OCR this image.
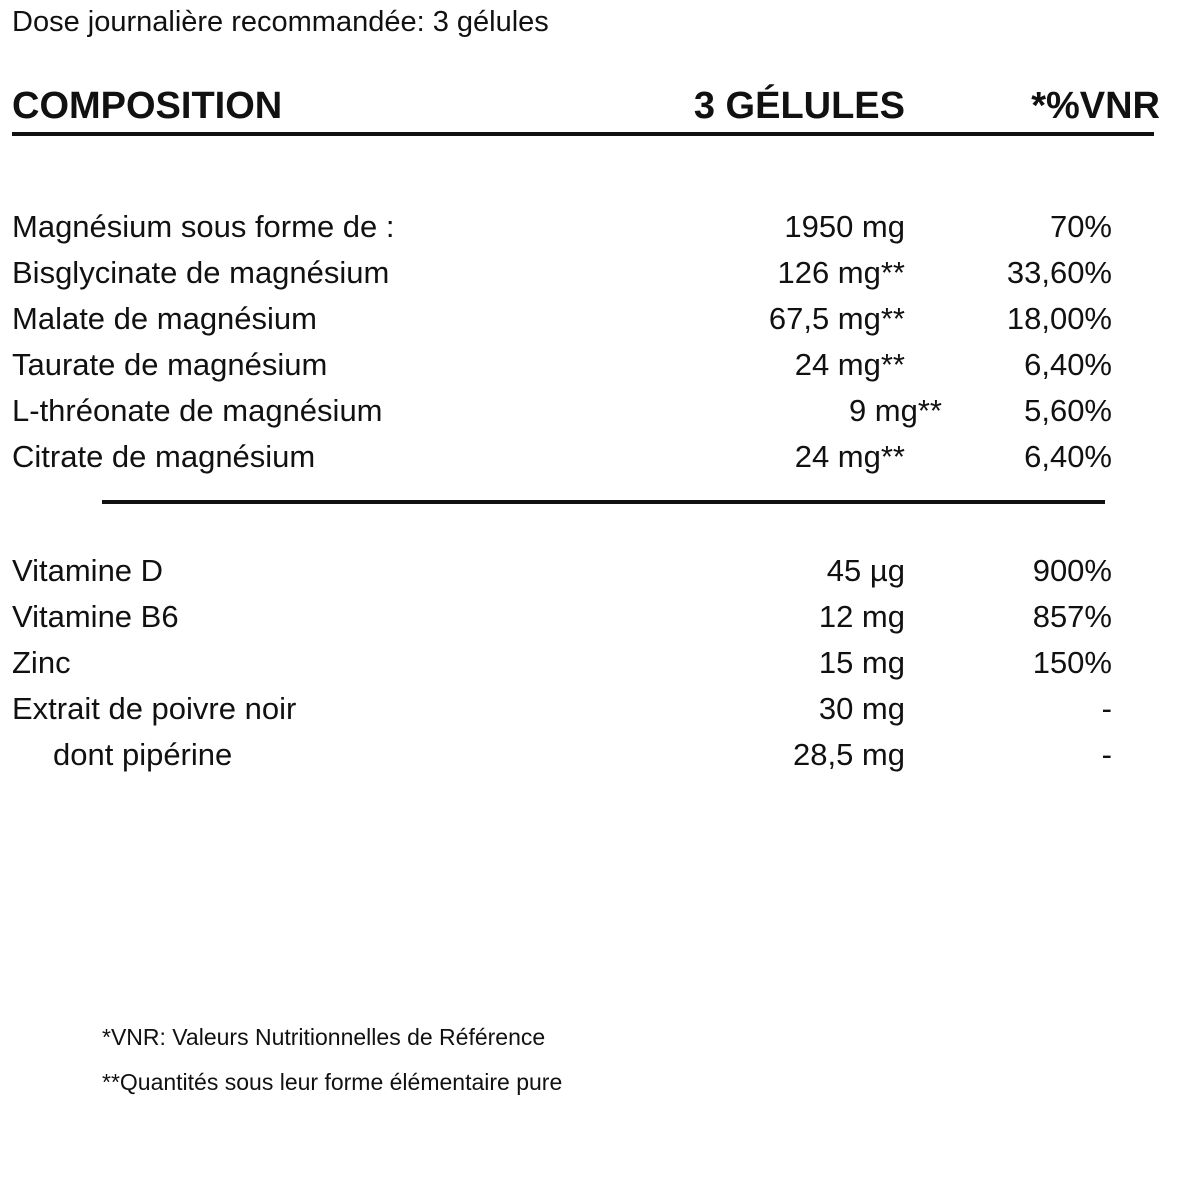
Dose journalière recommandée: 3 gélules
COMPOSITION	3 GÉLULES	*%VNR
Magnésium sous forme de :	1950 mg	70%
Bisglycinate de magnésium	126 mg**	33,60%
Malate de magnésium	67,5 mg**	18,00%
Taurate de magnésium	24 mg**	6,40%
L-thréonate de magnésium	9 mg**	5,60%
Citrate de magnésium	24 mg**	6,40%
Vitamine D	45 µg	900%
Vitamine B6	12 mg	857%
Zinc	15 mg	150%
Extrait de poivre noir	30 mg	-
dont pipérine	28,5 mg	-
*VNR: Valeurs Nutritionnelles de Référence
**Quantités sous leur forme élémentaire pure
